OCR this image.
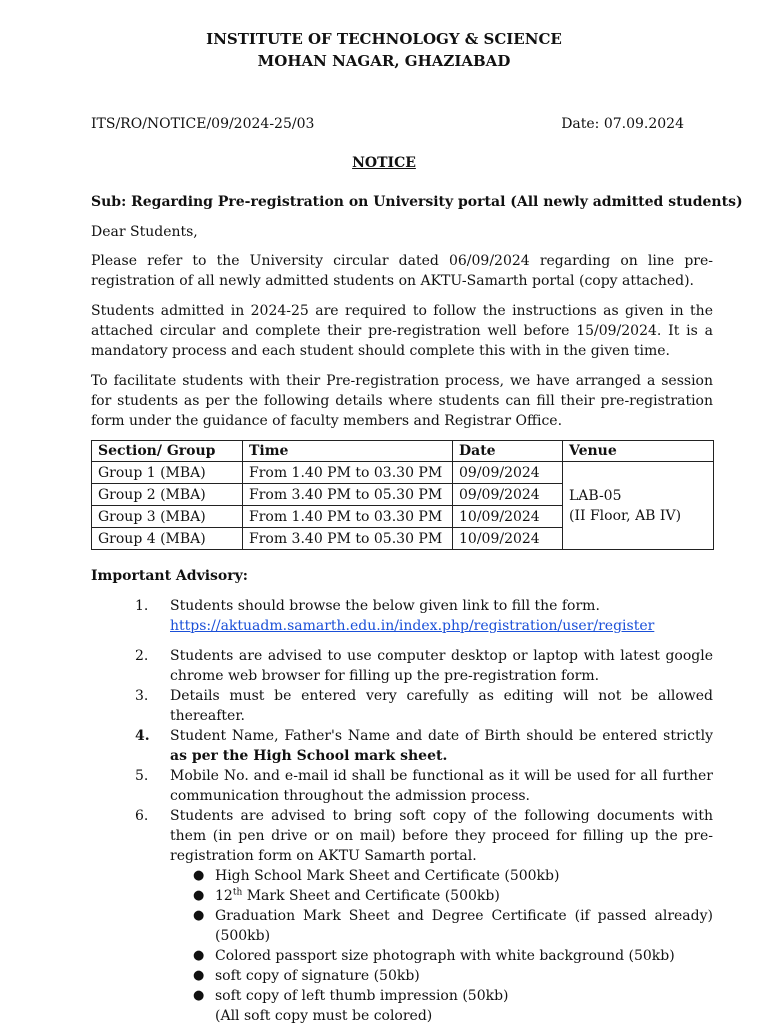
INSTITUTE OF TECHNOLOGY & SCIENCE
MOHAN NAGAR, GHAZIABAD
ITS/RO/NOTICE/09/2024-25/03	Date: 07.09.2024
NOTICE
Sub: Regarding Pre-registration on University portal (All newly admitted students)
Dear Students,
Please refer to the University circular dated 06/09/2024 regarding on line pre-registration of all newly admitted students on AKTU-Samarth portal (copy attached).
Students admitted in 2024-25 are required to follow the instructions as given in the attached circular and complete their pre-registration well before 15/09/2024. It is a mandatory process and each student should complete this with in the given time.
To facilitate students with their Pre-registration process, we have arranged a session for students as per the following details where students can fill their pre-registration form under the guidance of faculty members and Registrar Office.
Section/ Group	Time	Date	Venue
Group 1 (MBA)	From 1.40 PM to 03.30 PM	09/09/2024	LAB-05
(II Floor, AB IV)

Group 2 (MBA)	From 3.40 PM to 05.30 PM	09/09/2024	
Group 3 (MBA)	From 1.40 PM to 03.30 PM	10/09/2024	
Group 4 (MBA)	From 3.40 PM to 05.30 PM	10/09/2024	
Important Advisory:
1. Students should browse the below given link to fill the form.
https://aktuadm.samarth.edu.in/index.php/registration/user/register
2. Students are advised to use computer desktop or laptop with latest google chrome web browser for filling up the pre-registration form.
3. Details must be entered very carefully as editing will not be allowed thereafter.
4. Student Name, Father's Name and date of Birth should be entered strictly as per the High School mark sheet.
5. Mobile No. and e-mail id shall be functional as it will be used for all further communication throughout the admission process.
6. Students are advised to bring soft copy of the following documents with them (in pen drive or on mail) before they proceed for filling up the pre-registration form on AKTU Samarth portal.
● High School Mark Sheet and Certificate (500kb)
● 12th Mark Sheet and Certificate (500kb)
● Graduation Mark Sheet and Degree Certificate (if passed already) (500kb)
● Colored passport size photograph with white background (50kb)
● soft copy of signature (50kb)
● soft copy of left thumb impression (50kb)
(All soft copy must be colored)
